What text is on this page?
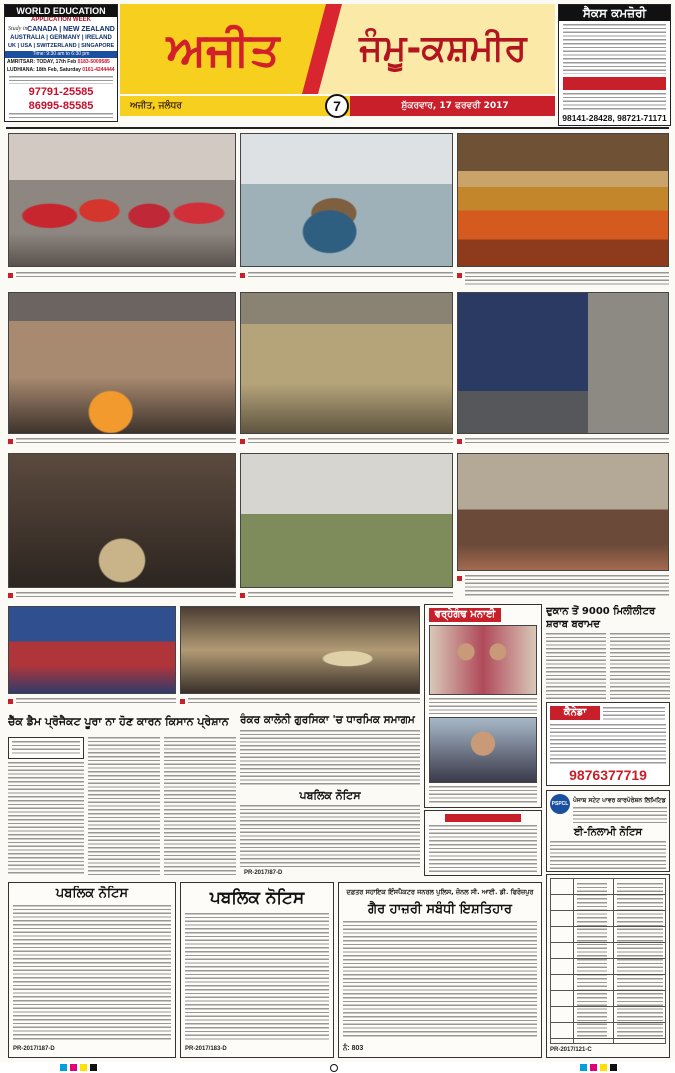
WORLD EDUCATION
APPLICATION WEEK
Study in CANADA | NEW ZEALAND
AUSTRALIA | GERMANY | IRELAND
UK | USA | SWITZERLAND | SINGAPORE
Time: 9:30 am to 6:30 pm
AMRITSAR: TODAY, 17th Feb 0183-5009585
LUDHIANA: 18th Feb, Saturday 0161-4244444
97791-25585
86995-85585
ਅਜੀਤ	ਜੰਮੂ-ਕਸ਼ਮੀਰ
ਅਜੀਤ, ਜਲੰਧਰ	ਸ਼ੁੱਕਰਵਾਰ, 17 ਫਰਵਰੀ 2017
7
ਸੈਕਸ ਕਮਜ਼ੋਰੀ
98141-28428, 98721-71171
ਵਰ੍ਹੇਗੰਢ ਮਨਾਈ	ਦੁਕਾਨ ਤੋਂ 9000 ਮਿਲੀਲੀਟਰ ਸ਼ਰਾਬ ਬਰਾਮਦ
ਕੈਨੇਡਾ
9876377719
ਚੈੱਕ ਡੈਮ ਪ੍ਰੋਜੈਕਟ ਪੂਰਾ ਨਾ ਹੋਣ ਕਾਰਨ ਕਿਸਾਨ ਪ੍ਰੇਸ਼ਾਨ	ਰੰਕਰ ਕਾਲੋਨੀ ਗੁਰਸਿਕਾ 'ਚ ਧਾਰਮਿਕ ਸਮਾਗਮ
ਪਬਲਿਕ ਨੋਟਿਸ
PR-2017/87-D
PSPCL ਪੰਜਾਬ ਸਟੇਟ ਪਾਵਰ ਕਾਰਪੋਰੇਸ਼ਨ ਲਿਮਿਟਿਡ
ਈ-ਨਿਲਾਮੀ ਨੋਟਿਸ
ਪਬਲਿਕ ਨੋਟਿਸ
PR-2017/187-D
ਪਬਲਿਕ ਨੋਟਿਸ
PR-2017/183-D
ਦਫ਼ਤਰ ਸਹਾਇਕ ਇੰਸਪੈਕਟਰ ਜਨਰਲ ਪੁਲਿਸ, ਜ਼ੋਨਲ ਸੀ. ਆਈ. ਡੀ. ਫਿਰੋਜ਼ਪੁਰ
ਗੈਰ ਹਾਜ਼ਰੀ ਸਬੰਧੀ ਇਸ਼ਤਿਹਾਰ
ਨੰ: 803	PR-2017/121-C
